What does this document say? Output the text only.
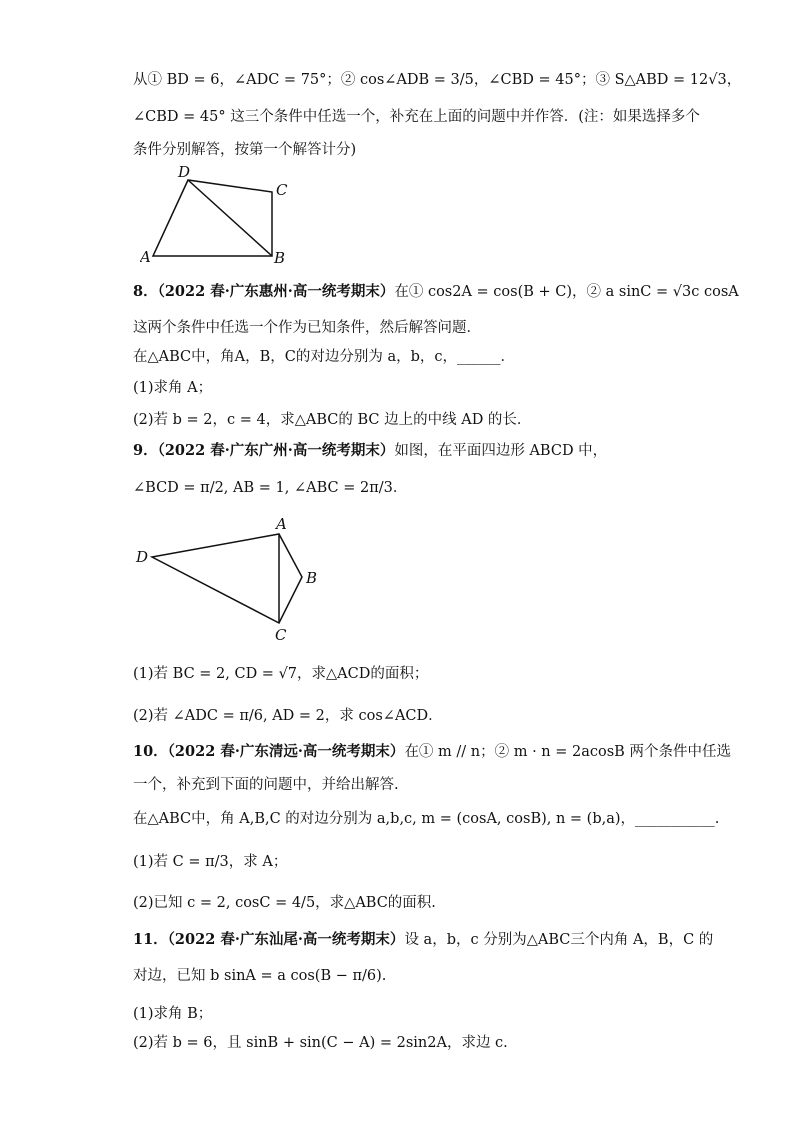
从① BD = 6，∠ADC = 75°；② cos∠ADB = 3/5，∠CBD = 45°；③ S△ABD = 12√3，
∠CBD = 45° 这三个条件中任选一个，补充在上面的问题中并作答．(注：如果选择多个
条件分别解答，按第一个解答计分)
D
C
A	B
8．（2022 春·广东惠州·高一统考期末）在① cos2A = cos(B + C)，② a sinC = √3c cosA
这两个条件中任选一个作为已知条件，然后解答问题．
在△ABC中，角A，B，C的对边分别为 a，b，c，______．
(1)求角 A；
(2)若 b = 2，c = 4，求△ABC的 BC 边上的中线 AD 的长．
9．（2022 春·广东广州·高一统考期末）如图，在平面四边形 ABCD 中，
∠BCD = π/2, AB = 1, ∠ABC = 2π/3．
D
A
B
C
(1)若 BC = 2, CD = √7，求△ACD的面积；
(2)若 ∠ADC = π/6, AD = 2，求 cos∠ACD．
10．（2022 春·广东清远·高一统考期末）在① m // n；② m · n = 2acosB 两个条件中任选
一个，补充到下面的问题中，并给出解答.
在△ABC中，角 A,B,C 的对边分别为 a,b,c, m = (cosA, cosB), n = (b,a)，___________.
(1)若 C = π/3，求 A；
(2)已知 c = 2, cosC = 4/5，求△ABC的面积.
11．（2022 春·广东汕尾·高一统考期末）设 a，b，c 分别为△ABC三个内角 A，B，C 的
对边，已知 b sinA = a cos(B − π/6).
(1)求角 B；
(2)若 b = 6，且 sinB + sin(C − A) = 2sin2A，求边 c.
